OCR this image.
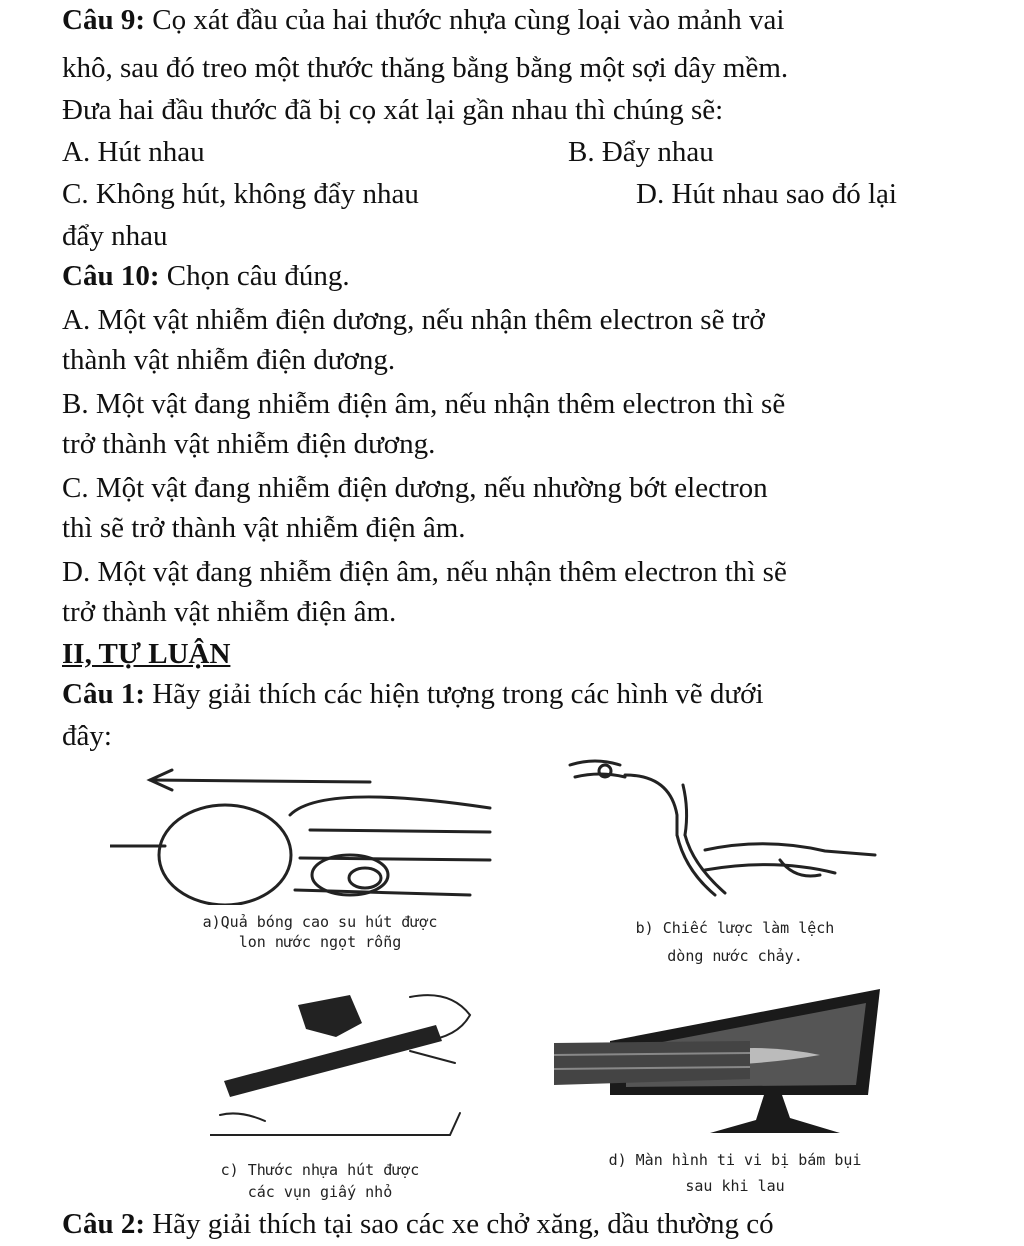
Câu 9: Cọ xát đầu của hai thước nhựa cùng loại vào mảnh vai
khô, sau đó treo một thước thăng bằng bằng một sợi dây mềm.
Đưa hai đầu thước đã bị cọ xát lại gần nhau thì chúng sẽ:
A. Hút nhau	B. Đẩy nhau
C. Không hút, không đẩy nhau	D. Hút nhau sao đó lại
đẩy nhau
Câu 10: Chọn câu đúng.
A. Một vật nhiễm điện dương, nếu nhận thêm electron sẽ trở
thành vật nhiễm điện dương.
B. Một vật đang nhiễm điện âm, nếu nhận thêm electron thì sẽ
trở thành vật nhiễm điện dương.
C. Một vật đang nhiễm điện dương, nếu nhường bớt electron
thì sẽ trở thành vật nhiễm điện âm.
D. Một vật đang nhiễm điện âm, nếu nhận thêm electron thì sẽ
trở thành vật nhiễm điện âm.
II, TỰ LUẬN
Câu 1: Hãy giải thích các hiện tượng trong các hình vẽ dưới
đây:
a)Quả bóng cao su hút được
lon nước ngọt rỗng
b) Chiếc lược làm lệch
dòng nước chảy.
c) Thước nhựa hút được
các vụn giấy nhỏ
d) Màn hình ti vi bị bám bụi
sau khi lau
Câu 2: Hãy giải thích tại sao các xe chở xăng, dầu thường có
